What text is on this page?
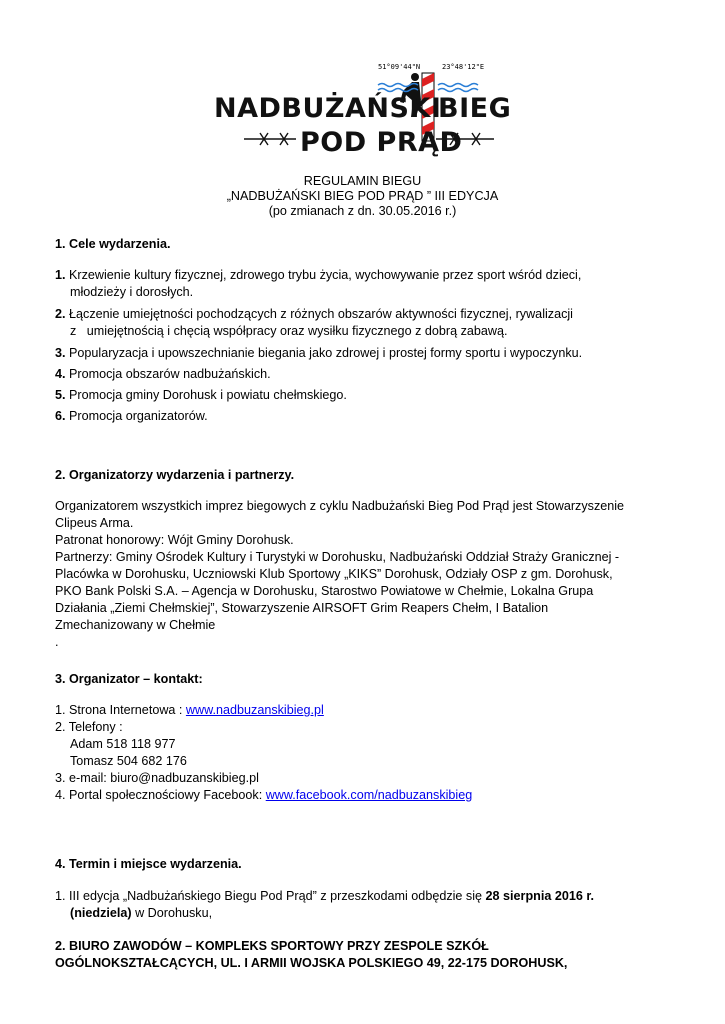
51°09'44"N	23°48'12"E
NADBUŻAŃSKI
BIEG
POD PRĄD
REGULAMIN BIEGU
„NADBUŻAŃSKI BIEG POD PRĄD ” III EDYCJA
(po zmianach z dn. 30.05.2016 r.)
1. Cele wydarzenia.
1. Krzewienie kultury fizycznej, zdrowego trybu życia, wychowywanie przez sport wśród dzieci,
młodzieży i dorosłych.
2. Łączenie umiejętności pochodzących z różnych obszarów aktywności fizycznej, rywalizacji
z   umiejętnością i chęcią współpracy oraz wysiłku fizycznego z dobrą zabawą.
3. Popularyzacja i upowszechnianie biegania jako zdrowej i prostej formy sportu i wypoczynku.
4. Promocja obszarów nadbużańskich.
5. Promocja gminy Dorohusk i powiatu chełmskiego.
6. Promocja organizatorów.
2. Organizatorzy wydarzenia i partnerzy.
Organizatorem wszystkich imprez biegowych z cyklu Nadbużański Bieg Pod Prąd jest Stowarzyszenie
Clipeus Arma.
Patronat honorowy: Wójt Gminy Dorohusk.
Partnerzy: Gminy Ośrodek Kultury i Turystyki w Dorohusku, Nadbużański Oddział Straży Granicznej -
Placówka w Dorohusku, Uczniowski Klub Sportowy „KIKS” Dorohusk, Odziały OSP z gm. Dorohusk,
PKO Bank Polski S.A. – Agencja w Dorohusku, Starostwo Powiatowe w Chełmie, Lokalna Grupa
Działania „Ziemi Chełmskiej”, Stowarzyszenie AIRSOFT Grim Reapers Chełm, I Batalion
Zmechanizowany w Chełmie
.
3. Organizator – kontakt:
1. Strona Internetowa : www.nadbuzanskibieg.pl
2. Telefony :
Adam 518 118 977
Tomasz 504 682 176
3. e-mail: biuro@nadbuzanskibieg.pl
4. Portal społecznościowy Facebook: www.facebook.com/nadbuzanskibieg
4. Termin i miejsce wydarzenia.
1. III edycja „Nadbużańskiego Biegu Pod Prąd” z przeszkodami odbędzie się 28 sierpnia 2016 r.
(niedziela) w Dorohusku,
2. BIURO ZAWODÓW – KOMPLEKS SPORTOWY PRZY ZESPOLE SZKÓŁ
OGÓLNOKSZTAŁCĄCYCH, UL. I ARMII WOJSKA POLSKIEGO 49, 22-175 DOROHUSK,
